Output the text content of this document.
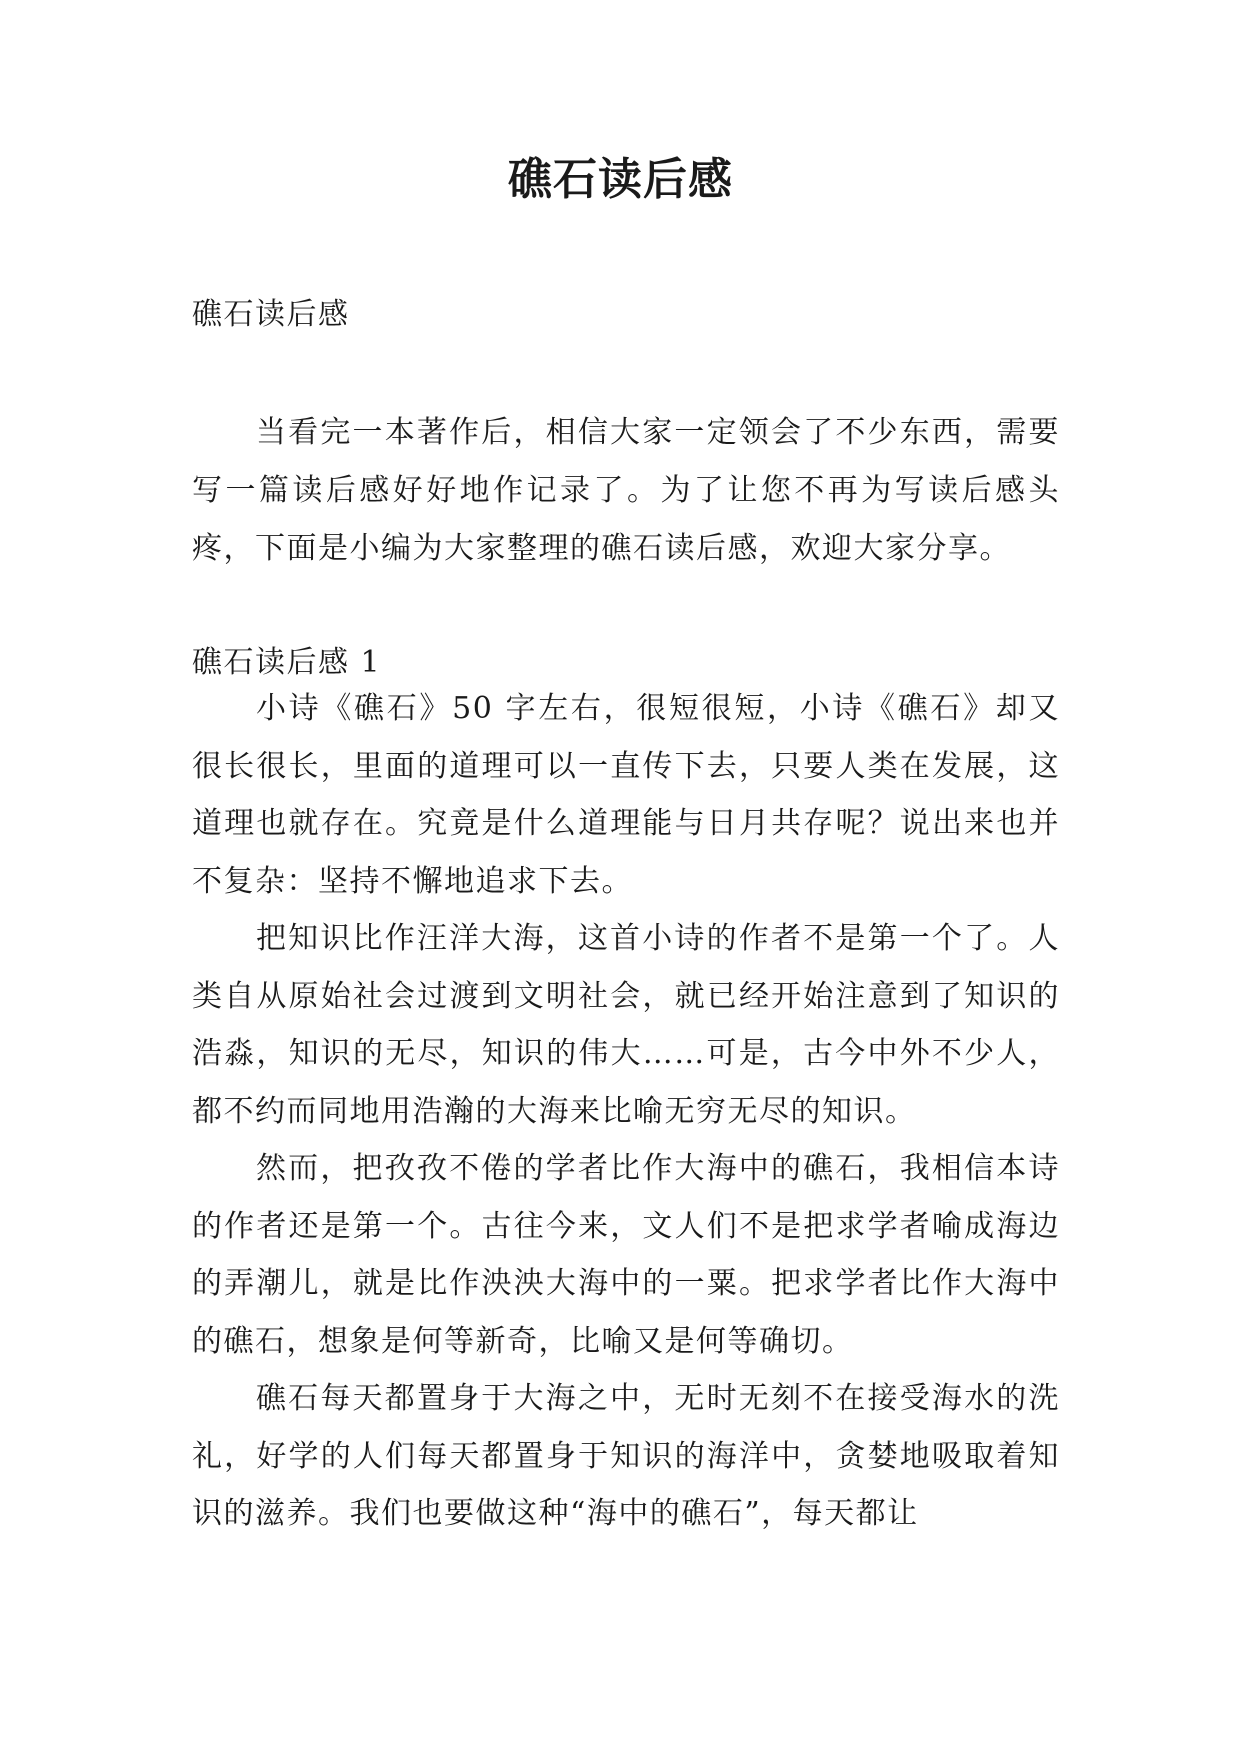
礁石读后感
礁石读后感
当看完一本著作后，相信大家一定领会了不少东西，需要写一篇读后感好好地作记录了。为了让您不再为写读后感头疼，下面是小编为大家整理的礁石读后感，欢迎大家分享。
礁石读后感 1

小诗《礁石》50 字左右，很短很短，小诗《礁石》却又很长很长，里面的道理可以一直传下去，只要人类在发展，这道理也就存在。究竟是什么道理能与日月共存呢？说出来也并不复杂：坚持不懈地追求下去。

把知识比作汪洋大海，这首小诗的作者不是第一个了。人类自从原始社会过渡到文明社会，就已经开始注意到了知识的浩淼，知识的无尽，知识的伟大……可是，古今中外不少人，都不约而同地用浩瀚的大海来比喻无穷无尽的知识。

然而，把孜孜不倦的学者比作大海中的礁石，我相信本诗的作者还是第一个。古往今来，文人们不是把求学者喻成海边的弄潮儿，就是比作泱泱大海中的一粟。把求学者比作大海中的礁石，想象是何等新奇，比喻又是何等确切。

礁石每天都置身于大海之中，无时无刻不在接受海水的洗礼，好学的人们每天都置身于知识的海洋中，贪婪地吸取着知识的滋养。我们也要做这种“海中的礁石”，每天都让
